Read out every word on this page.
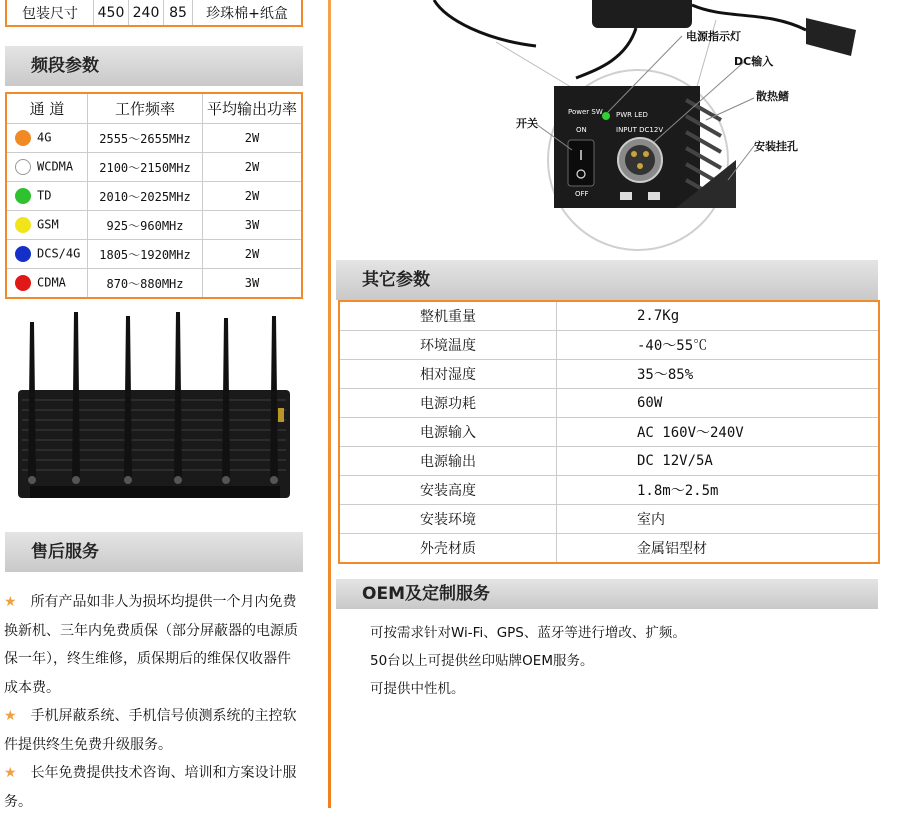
包装尺寸	450	240	85	珍珠棉+纸盒
频段参数
通 道	工作频率	平均输出功率
4G	2555～2655MHz	2W
WCDMA	2100～2150MHz	2W
TD	2010～2025MHz	2W
GSM	925～960MHz	3W
DCS/4G	1805～1920MHz	2W
CDMA	870～880MHz	3W
售后服务

★ 所有产品如非人为损坏均提供一个月内免费换新机、三年内免费质保（部分屏蔽器的电源质保一年），终生维修，质保期后的维保仅收器件成本费。

★ 手机屏蔽系统、手机信号侦测系统的主控软件提供终生免费升级服务。

★ 长年免费提供技术咨询、培训和方案设计服务。

电源指示灯
DC输入
散热鳍
开关
安装挂孔
Power SW PWR LED
ON
OFF
INPUT DC12V
其它参数
整机重量	2.7Kg
环境温度	-40～55℃
相对湿度	35～85%
电源功耗	60W
电源输入	AC 160V～240V
电源输出	DC 12V/5A
安装高度	1.8m～2.5m
安装环境	室内
外壳材质	金属铝型材
OEM及定制服务

可按需求针对Wi-Fi、GPS、蓝牙等进行增改、扩频。

50台以上可提供丝印贴牌OEM服务。

可提供中性机。
